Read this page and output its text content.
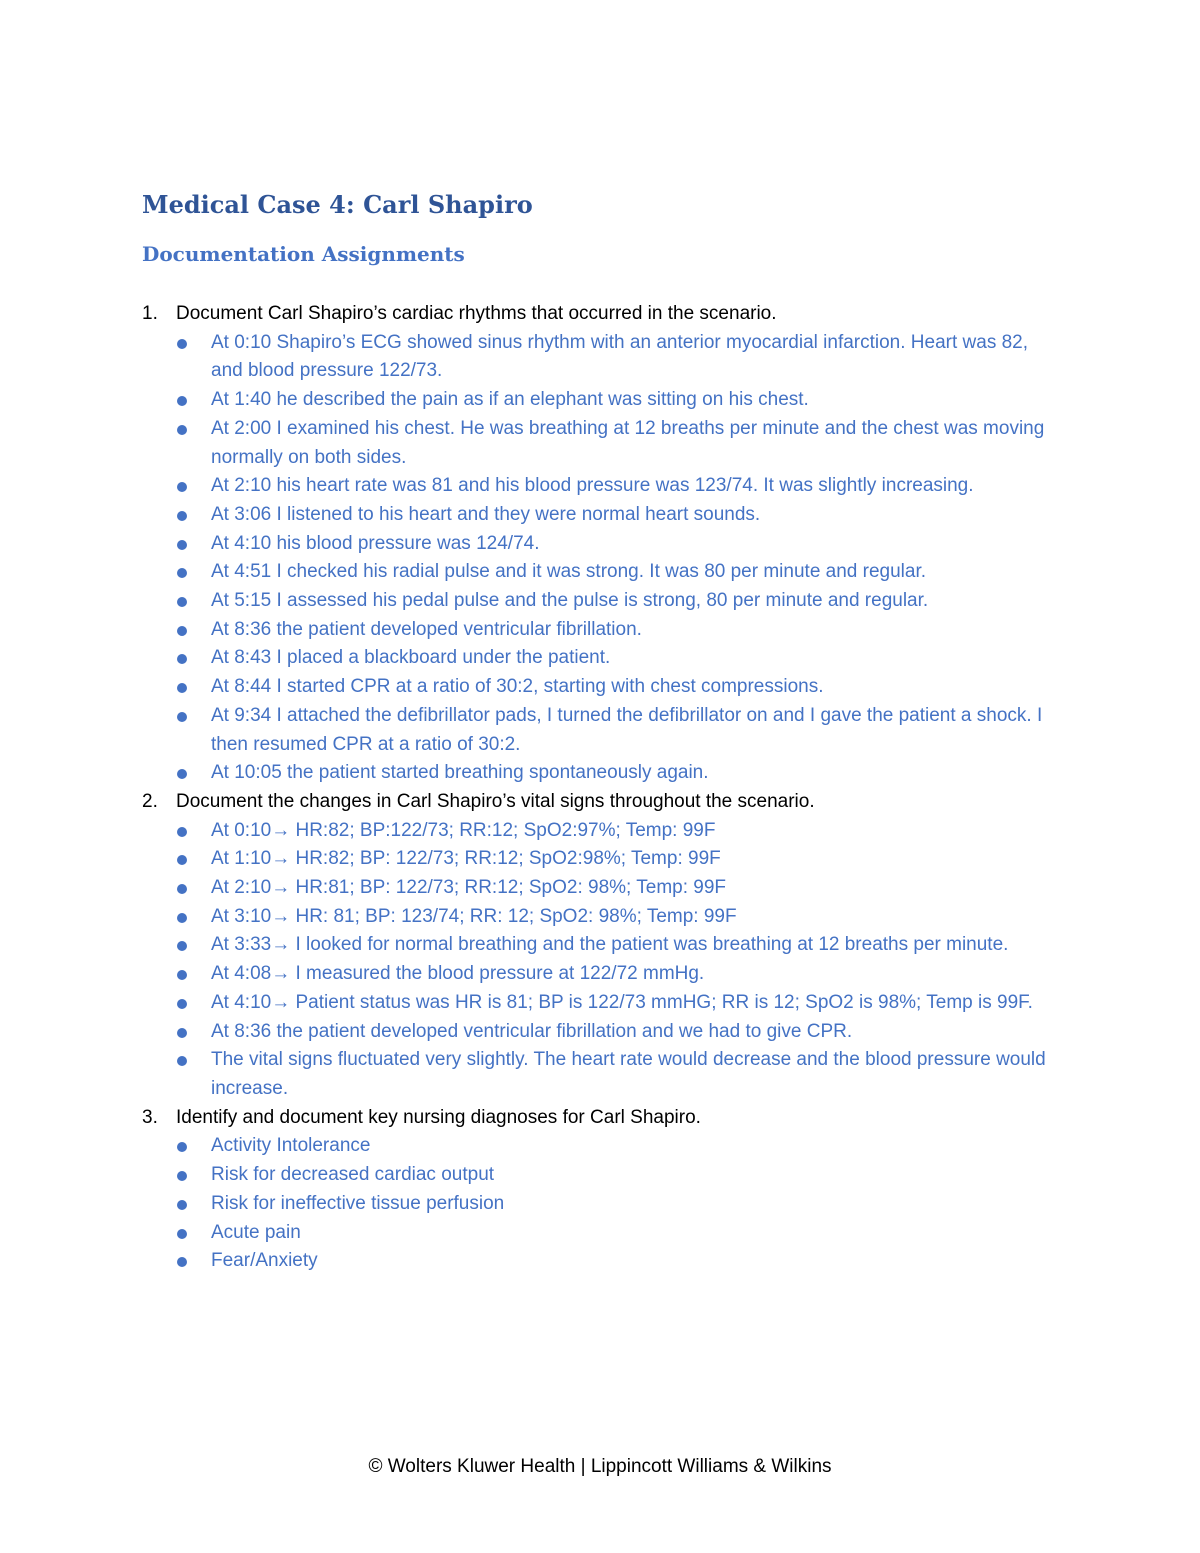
Medical Case 4: Carl Shapiro
Documentation Assignments
1. Document Carl Shapiro’s cardiac rhythms that occurred in the scenario.
At 0:10 Shapiro’s ECG showed sinus rhythm with an anterior myocardial infarction. Heart was 82, and blood pressure 122/73.
At 1:40 he described the pain as if an elephant was sitting on his chest.
At 2:00 I examined his chest. He was breathing at 12 breaths per minute and the chest was moving normally on both sides.
At 2:10 his heart rate was 81 and his blood pressure was 123/74. It was slightly increasing.
At 3:06 I listened to his heart and they were normal heart sounds.
At 4:10 his blood pressure was 124/74.
At 4:51 I checked his radial pulse and it was strong. It was 80 per minute and regular.
At 5:15 I assessed his pedal pulse and the pulse is strong, 80 per minute and regular.
At 8:36 the patient developed ventricular fibrillation.
At 8:43 I placed a blackboard under the patient.
At 8:44 I started CPR at a ratio of 30:2, starting with chest compressions.
At 9:34 I attached the defibrillator pads, I turned the defibrillator on and I gave the patient a shock. I then resumed CPR at a ratio of 30:2.
At 10:05 the patient started breathing spontaneously again.
2. Document the changes in Carl Shapiro’s vital signs throughout the scenario.
At 0:10→ HR:82; BP:122/73; RR:12; SpO2:97%; Temp: 99F
At 1:10→ HR:82; BP: 122/73; RR:12; SpO2:98%; Temp: 99F
At 2:10→ HR:81; BP: 122/73; RR:12; SpO2: 98%; Temp: 99F
At 3:10→ HR: 81; BP: 123/74; RR: 12; SpO2: 98%; Temp: 99F
At 3:33→ I looked for normal breathing and the patient was breathing at 12 breaths per minute.
At 4:08→ I measured the blood pressure at 122/72 mmHg.
At 4:10→ Patient status was HR is 81; BP is 122/73 mmHG; RR is 12; SpO2 is 98%; Temp is 99F.
At 8:36 the patient developed ventricular fibrillation and we had to give CPR.
The vital signs fluctuated very slightly. The heart rate would decrease and the blood pressure would increase.
3. Identify and document key nursing diagnoses for Carl Shapiro.
Activity Intolerance
Risk for decreased cardiac output
Risk for ineffective tissue perfusion
Acute pain
Fear/Anxiety
© Wolters Kluwer Health | Lippincott Williams & Wilkins
